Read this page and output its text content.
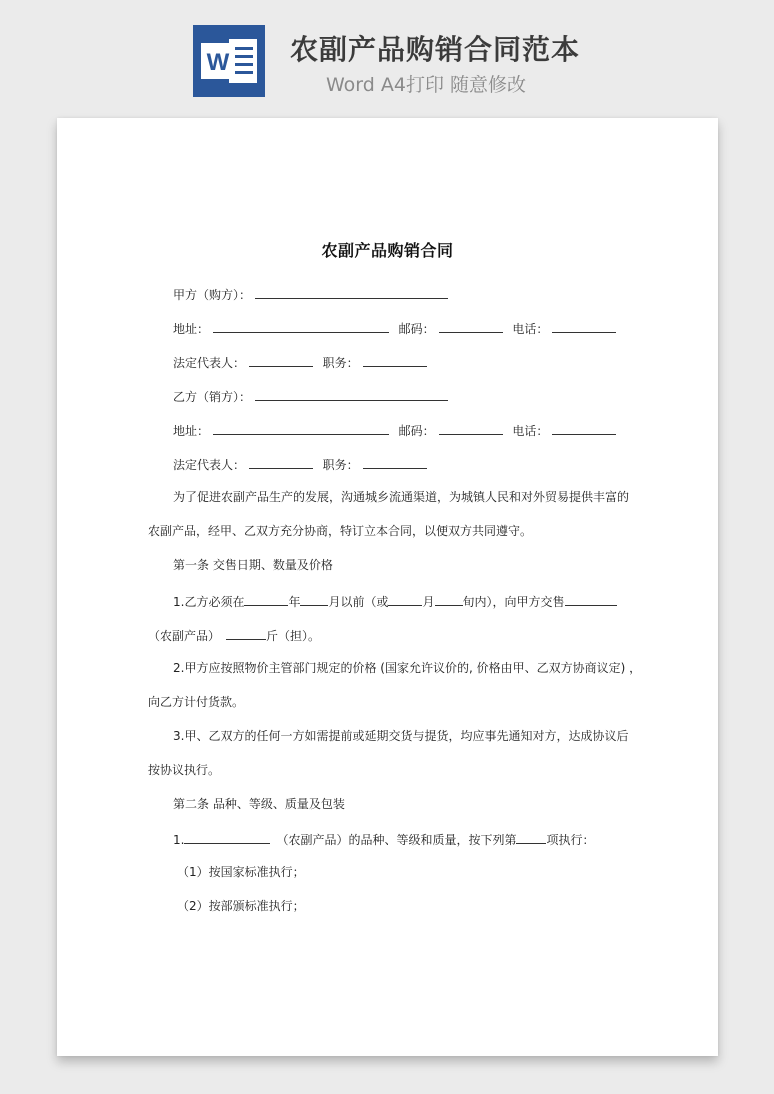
W 农副产品购销合同范本
Word A4打印 随意修改

农副产品购销合同
甲方（购方）：
地址：	邮码：	电话：
法定代表人：	职务：
乙方（销方）：
地址：	邮码：	电话：
法定代表人：	职务：
为了促进农副产品生产的发展，沟通城乡流通渠道，为城镇人民和对外贸易提供丰富的
农副产品，经甲、乙双方充分协商，特订立本合同，以便双方共同遵守。
第一条 交售日期、数量及价格
1.乙方必须在	年 月以前（或	月 旬内），向甲方交售
（农副产品）	斤（担）。
2.甲方应按照物价主管部门规定的价格 (国家允许议价的, 价格由甲、乙双方协商议定) ，
向乙方计付货款。
3.甲、乙双方的任何一方如需提前或延期交货与提货，均应事先通知对方，达成协议后
按协议执行。
第二条 品种、等级、质量及包装
1.	（农副产品）的品种、等级和质量，按下列第	项执行：
（1）按国家标准执行；
（2）按部颁标准执行；
